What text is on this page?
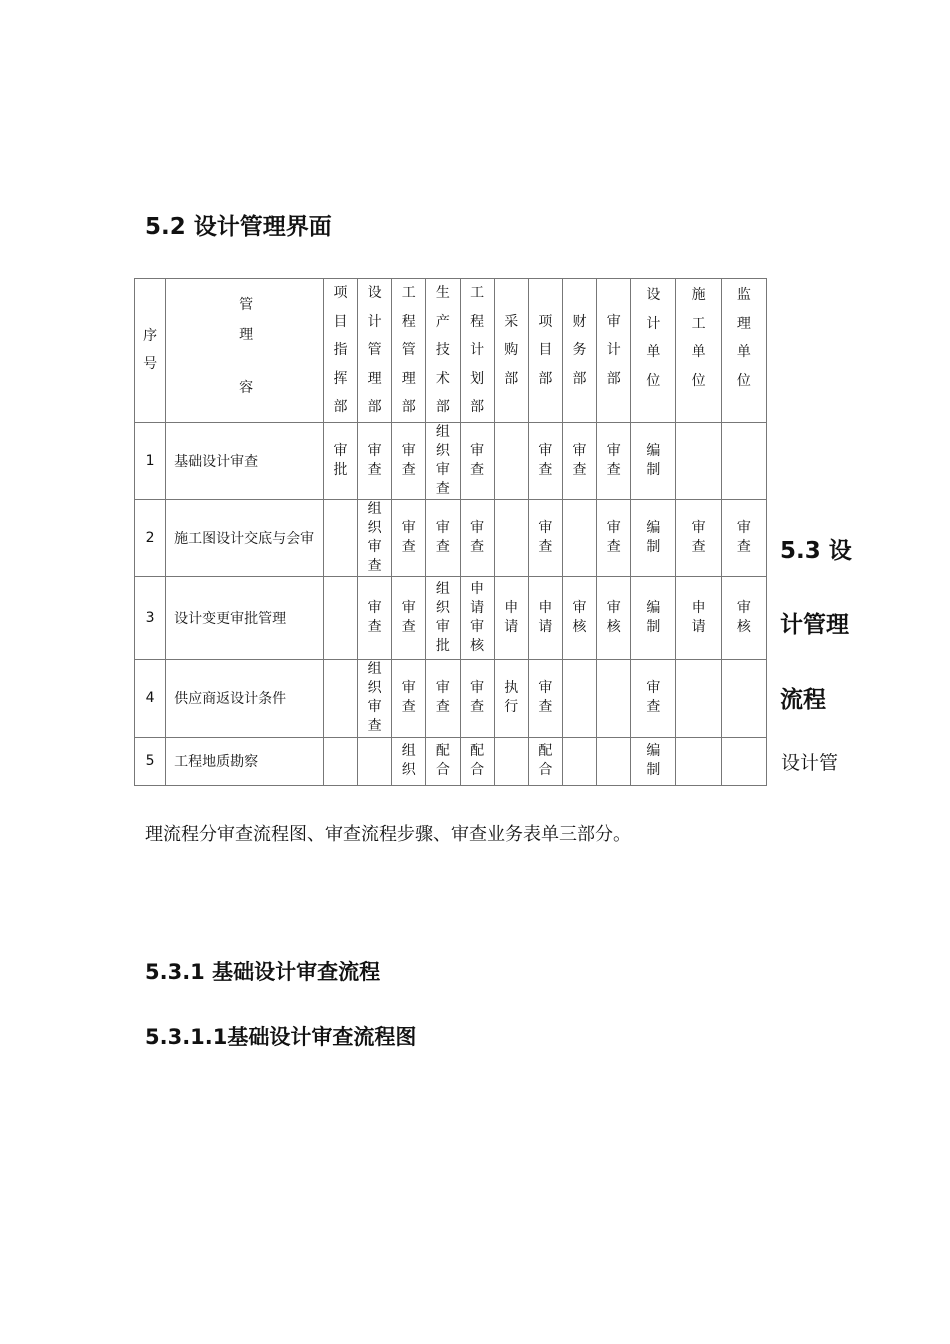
5.2 设计管理界面
序号	管
理
容	项目指挥部	设计管理部	工程管理部	生产技术部	工程计划部	采购部	项目部	财务部	审计部	设计单位	施工单位	监理单位

1	基础设计审查	审批	审查	审查	组织审查	审查		审查	审查	审查	编制		

2	施工图设计交底与会审		组织审查	审查	审查	审查		审查		审查	编制	审查	审查

3	设计变更审批管理		审查	审查	组织审批	申请审核	申请	申请	审核	审核	编制	申请	审核

4	供应商返设计条件		组织审查	审查	审查	审查	执行	审查			审查		

5	工程地质勘察			组织	配合	配合		配合			编制		

5.3 设
计管理
流程
设计管

理流程分审查流程图、审查流程步骤、审查业务表单三部分。

5.3.1 基础设计审查流程
5.3.1.1基础设计审查流程图
